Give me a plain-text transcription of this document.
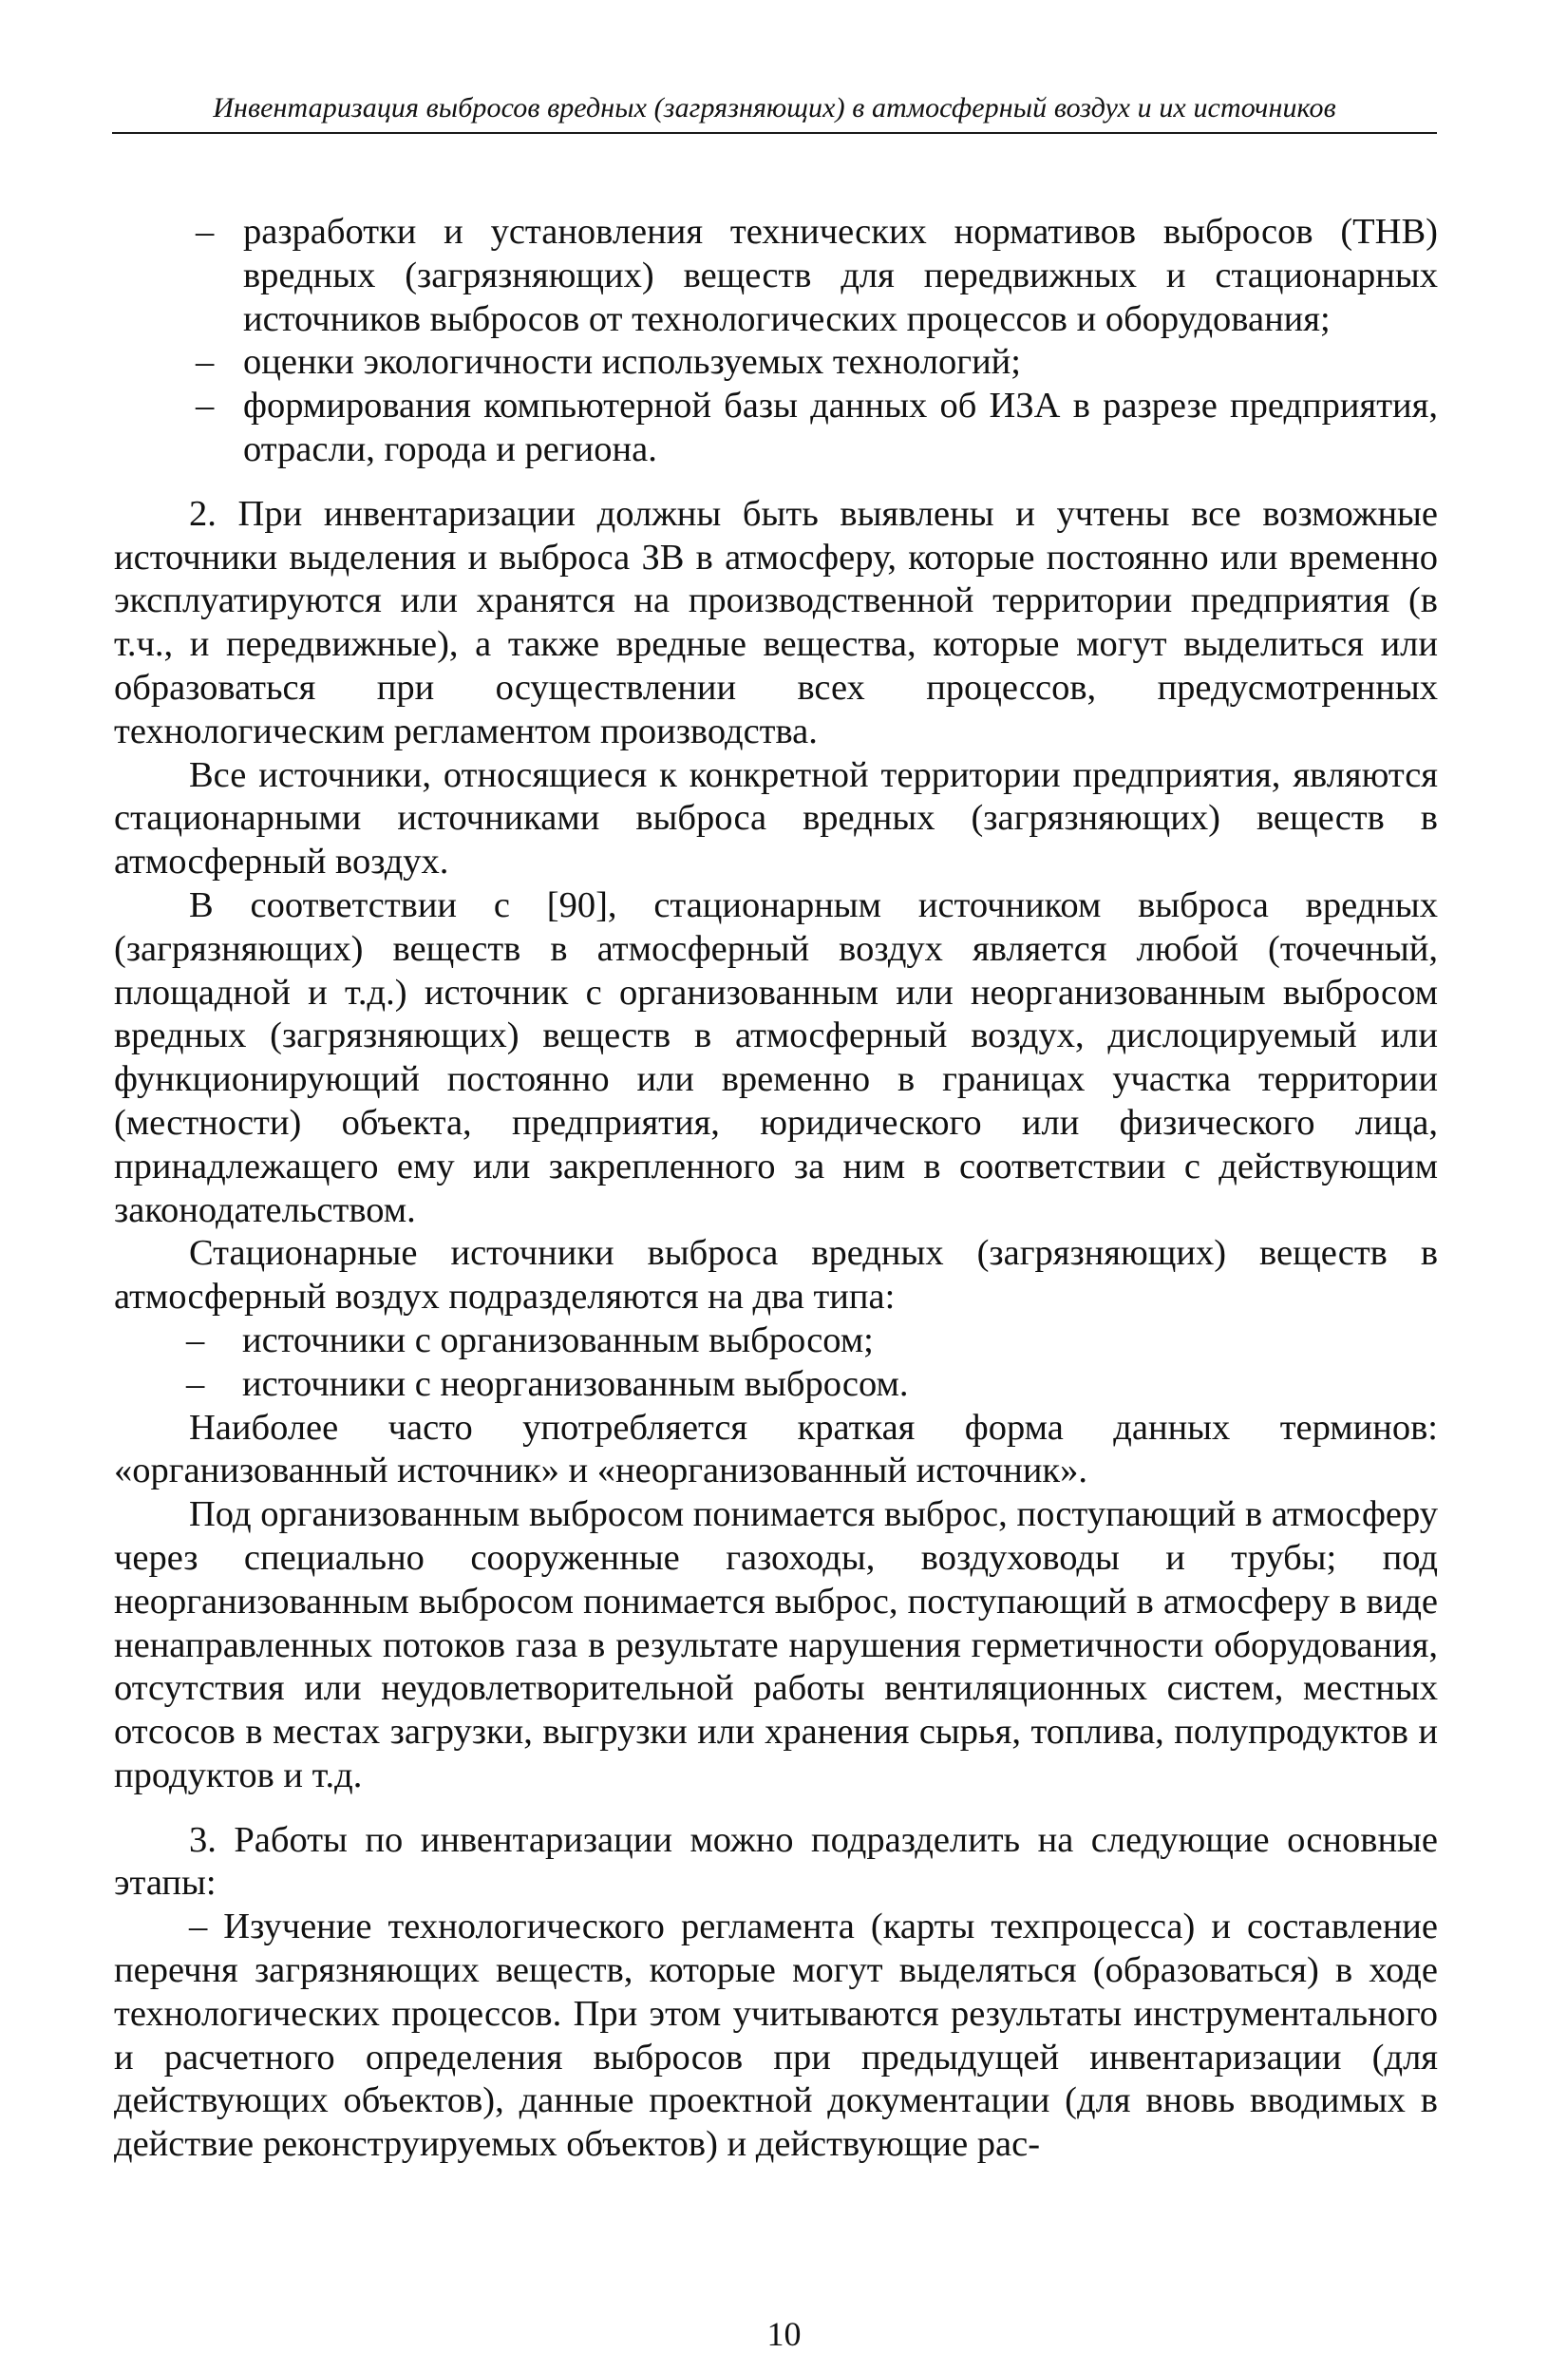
Инвентаризация выбросов вредных (загрязняющих) в атмосферный воздух и их источников

– разработки и установления технических нормативов выбросов (ТНВ) вредных (загрязняющих) веществ для передвижных и стационарных источников выбросов от технологических процессов и оборудования;

– оценки экологичности используемых технологий;

– формирования компьютерной базы данных об ИЗА в разрезе предприятия, отрасли, города и региона.

2. При инвентаризации должны быть выявлены и учтены все возможные источники выделения и выброса ЗВ в атмосферу, которые постоянно или временно эксплуатируются или хранятся на производственной территории предприятия (в т.ч., и передвижные), а также вредные вещества, которые могут выделиться или образоваться при осуществлении всех процессов, предусмотренных технологическим регламентом производства.

Все источники, относящиеся к конкретной территории предприятия, являются стационарными источниками выброса вредных (загрязняющих) веществ в атмосферный воздух.

В соответствии с [90], стационарным источником выброса вредных (загрязняющих) веществ в атмосферный воздух является любой (точечный, площадной и т.д.) источник с организованным или неорганизованным выбросом вредных (загрязняющих) веществ в атмосферный воздух, дислоцируемый или функционирующий постоянно или временно в границах участка территории (местности) объекта, предприятия, юридического или физического лица, принадлежащего ему или закрепленного за ним в соответствии с действующим законодательством.

Стационарные источники выброса вредных (загрязняющих) веществ в атмосферный воздух подразделяются на два типа:

– источники с организованным выбросом;

– источники с неорганизованным выбросом.

Наиболее часто употребляется краткая форма данных терминов: «организованный источник» и «неорганизованный источник».

Под организованным выбросом понимается выброс, поступающий в атмосферу через специально сооруженные газоходы, воздуховоды и трубы; под неорганизованным выбросом понимается выброс, поступающий в атмосферу в виде ненаправленных потоков газа в результате нарушения герметичности оборудования, отсутствия или неудовлетворительной работы вентиляционных систем, местных отсосов в местах загрузки, выгрузки или хранения сырья, топлива, полупродуктов и продуктов и т.д.

3. Работы по инвентаризации можно подразделить на следующие основные этапы:

– Изучение технологического регламента (карты техпроцесса) и составление перечня загрязняющих веществ, которые могут выделяться (образоваться) в ходе технологических процессов. При этом учитываются результаты инструментального и расчетного определения выбросов при предыдущей инвентаризации (для действующих объектов), данные проектной документации (для вновь вводимых в действие реконструируемых объектов) и действующие рас-

10
